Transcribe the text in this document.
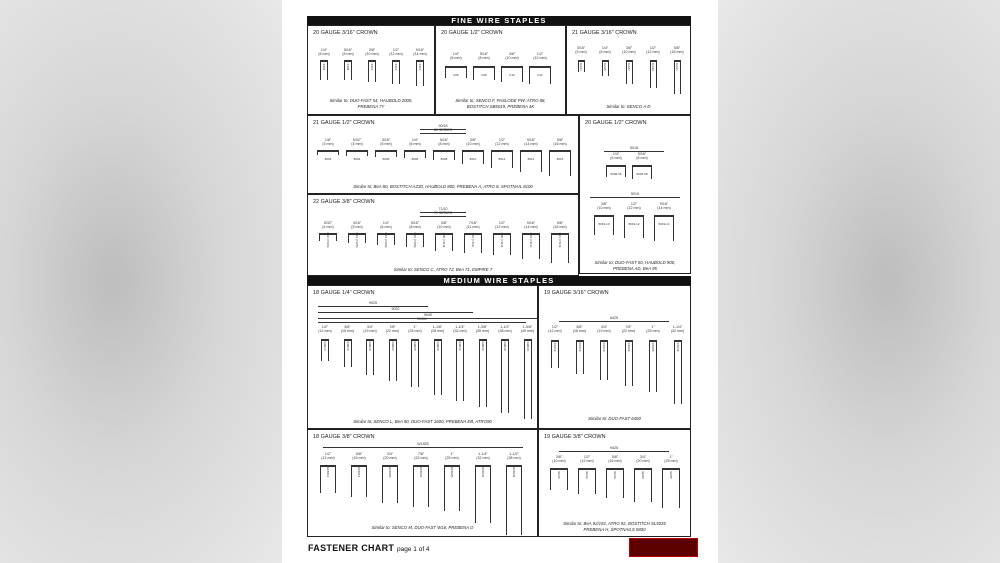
FINE WIRE STAPLES
MEDIUM WIRE STAPLES
FASTENER CHART page 1 of 4
20 GAUGE 3/16" CROWN
1/4"
(6 mm)
5406
5/16"
(8 mm)
5408
3/8"
(10 mm)
5410
1/2"
(12 mm)
5412
9/16"
(14 mm)
5414
Similar to: DUO-FAST 54, HAUBOLD 2000,
PREBENA 7Y
20 GAUGE 1/2" CROWN
1/4"
(6 mm)
F06
5/16"
(8 mm)
F08
3/8"
(10 mm)
F10
1/2"
(12 mm)
F12
Similar to: SENCO F, PASLODE PW, ATRO 88,
BOSTITCH SB5019, PREBENA 4K
21 GAUGE 3/16" CROWN
3/16"
(5 mm)
GA23
1/4"
(6 mm)
GA25
3/8"
(10 mm)
GA27
1/2"
(12 mm)
GA29
5/8"
(16 mm)
GA31
Similar to: SENCO A-D
21 GAUGE 1/2" CROWN	90/18
80 SERIES
1/8"
(3 mm)
8003
5/32"
(4 mm)
8004
3/16"
(5 mm)
8005
1/4"
(6 mm)
8006
5/16"
(8 mm)
8008
3/8"
(10 mm)
8010
1/2"
(12 mm)
8012
9/16"
(14 mm)
8014
5/8"
(16 mm)
8016
Similar to: BeA 80, BOSTITCH AZ30, HAUBOLD 800, PREBENA A, ATRO 8, SPOTNAIL 8100
20 GAUGE 1/2" CROWN
5018
1/4"
(6 mm)
5006-06
5/16"
(8 mm)
5018-08
5019
3/8"
(10 mm)
5019-10
1/2"
(12 mm)
5019-12
9/16"
(14 mm)
5019-14
Similar to: DUO-FAST 50, HAUBOLD 900,
PREBENA AD, BeA 95
22 GAUGE 3/8" CROWN
71/10
71 SERIES
5/32"
(4 mm)
C02 (7104)
3/16"
(5 mm)
C03 (7105)
1/4"
(6 mm)
C04 (7106)
5/16"
(8 mm)
C06 (7108)
3/8"
(10 mm)
C08 (7110)
7/16"
(11 mm)
C07 (7111)
1/2"
(12 mm)
C09 (7112)
9/16"
(14 mm)
C10 (7114)
5/8"
(16 mm)
C13 (7116)
Similar to: SENCO C, ATRO 72, BeA 71, EMPIRE 7
18 GAUGE 1/4" CROWN
9025
9032
9040
9040L
1/2"
(12 mm)
G9012
5/8"
(15 mm)
G9015
3/4"
(19 mm)
G9019
7/8"
(22 mm)
G9022
1"
(25 mm)
G9025
1-1/8"
(28 mm)
G9028
1-1/4"
(32 mm)
G9032
1-3/8"
(35 mm)
G9035
1-1/2"
(38 mm)
G9038
1-5/8"
(40 mm)
G9040
Similar to: SENCO L, BeA 90, DUO-FAST 1600, PREBENA EB, ATRO90
19 GAUGE 3/16" CROWN
6425
1/2"
(12 mm)
C6412
5/8"
(16 mm)
C6416
3/4"
(19 mm)
C6419
7/8"
(22 mm)
C6422
1"
(25 mm)
C6425
1-1/4"
(32 mm)
C6432
Similar to: DUO-FAST 6400
18 GAUGE 3/8" CROWN
W1825
1/2"
(12 mm)
G18012
5/8"
(16 mm)
G18016
3/4"
(20 mm)
G18020
7/8"
(22 mm)
G18022
1"
(25 mm)
G18025
1-1/4"
(32 mm)
G18032
1-1/2"
(38 mm)
G18038
Similar to: SENCO M, DUO-FAST W16, PREBENA O
19 GAUGE 3/8" CROWN
9425
3/8"
(10 mm)
92/10
1/2"
(12 mm)
92/12
5/8"
(16 mm)
92/16
3/4"
(20 mm)
92/20
1"
(25 mm)
92/25
Similar to: BeA 92/192, ATRO 92, BOSTITCH SL5035
PREBENA H, SPOTNAILS 5800
